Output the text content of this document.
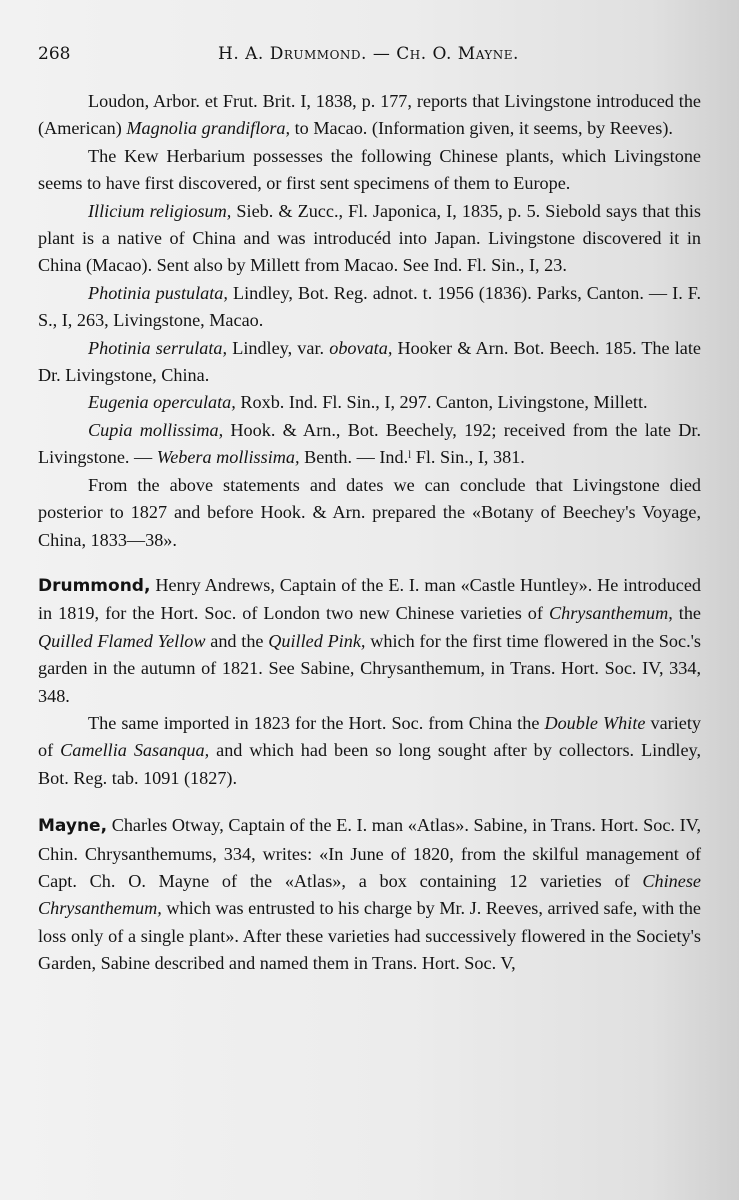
268	H. A. Drummond. — Ch. O. Mayne.

Loudon, Arbor. et Frut. Brit. I, 1838, p. 177, reports that Livingstone introduced the (American) Magnolia grandiflora, to Macao. (Information given, it seems, by Reeves).

The Kew Herbarium possesses the following Chinese plants, which Livingstone seems to have first discovered, or first sent specimens of them to Europe.

Illicium religiosum, Sieb. & Zucc., Fl. Japonica, I, 1835, p. 5. Siebold says that this plant is a native of China and was introducéd into Japan. Livingstone discovered it in China (Macao). Sent also by Millett from Macao. See Ind. Fl. Sin., I, 23.

Photinia pustulata, Lindley, Bot. Reg. adnot. t. 1956 (1836). Parks, Canton. — I. F. S., I, 263, Livingstone, Macao.

Photinia serrulata, Lindley, var. obovata, Hooker & Arn. Bot. Beech. 185. The late Dr. Livingstone, China.

Eugenia operculata, Roxb. Ind. Fl. Sin., I, 297. Canton, Livingstone, Millett.

Cupia mollissima, Hook. & Arn., Bot. Beechely, 192; received from the late Dr. Livingstone. — Webera mollissima, Benth. — Ind.ˡ Fl. Sin., I, 381.

From the above statements and dates we can conclude that Livingstone died posterior to 1827 and before Hook. & Arn. prepared the «Botany of Beechey's Voyage, China, 1833—38».

Drummond, Henry Andrews, Captain of the E. I. man «Castle Huntley». He introduced in 1819, for the Hort. Soc. of London two new Chinese varieties of Chrysanthemum, the Quilled Flamed Yellow and the Quilled Pink, which for the first time flowered in the Soc.'s garden in the autumn of 1821. See Sabine, Chrysanthemum, in Trans. Hort. Soc. IV, 334, 348.

The same imported in 1823 for the Hort. Soc. from China the Double White variety of Camellia Sasanqua, and which had been so long sought after by collectors. Lindley, Bot. Reg. tab. 1091 (1827).

Mayne, Charles Otway, Captain of the E. I. man «Atlas». Sabine, in Trans. Hort. Soc. IV, Chin. Chrysanthemums, 334, writes: «In June of 1820, from the skilful management of Capt. Ch. O. Mayne of the «Atlas», a box containing 12 varieties of Chinese Chrysanthemum, which was entrusted to his charge by Mr. J. Reeves, arrived safe, with the loss only of a single plant». After these varieties had successively flowered in the Society's Garden, Sabine described and named them in Trans. Hort. Soc. V,
